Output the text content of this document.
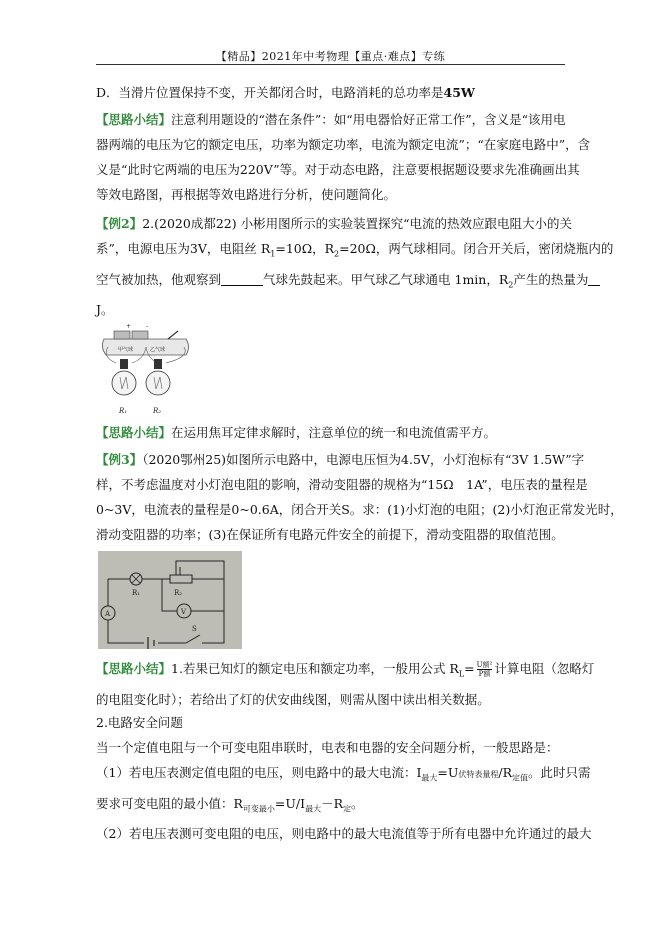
【精品】2021年中考物理【重点·难点】专练
D．当滑片位置保持不变，开关都闭合时，电路消耗的总功率是45W
【思路小结】注意利用题设的“潜在条件”：如“用电器恰好正常工作”，含义是“该用电
器两端的电压为它的额定电压，功率为额定功率，电流为额定电流”；“在家庭电路中”，含
义是“此时它两端的电压为220V”等。对于动态电路，注意要根据题设要求先准确画出其
等效电路图，再根据等效电路进行分析，使问题简化。
【例2】2.(2020成都22) 小彬用图所示的实验装置探究“电流的热效应跟电阻大小的关
系”，电源电压为3V，电阻丝 $R_1=10\Omega$，$R_2=20\Omega$，两气球相同。闭合开关后，密闭烧瓶内的
空气被加热，他观察到	气球先鼓起来。甲气球乙气球通电 1min，$R_2$产生的热量为
J。
+ -
甲气球	乙气球
R₁	R₂
【思路小结】在运用焦耳定律求解时，注意单位的统一和电流值需平方。
【例3】（2020鄂州25)如图所示电路中，电源电压恒为4.5V，小灯泡标有“3V 1.5W”字
样，不考虑温度对小灯泡电阻的影响，滑动变阻器的规格为“15Ω　1A”，电压表的量程是
0~3V，电流表的量程是0~0.6A，闭合开关S。求：(1)小灯泡的电阻；(2)小灯泡正常发光时，
滑动变阻器的功率；(3)在保证所有电路元件安全的前提下，滑动变阻器的取值范围。
R₁	R₂
A	V
S
【思路小结】1.若果已知灯的额定电压和额定功率，一般用公式 $R_L= U$额²
P额 计算电阻（忽略灯
的电阻变化时）；若给出了灯的伏安曲线图，则需从图中读出相关数据。
2.电路安全问题
当一个定值电阻与一个可变电阻串联时，电表和电器的安全问题分析，一般思路是：
（1）若电压表测定值电阻的电压，则电路中的最大电流：$I_{最大}=U$伏特表量程$/R_{定值}$。此时只需
要求可变电阻的最小值：$R_{可变最小}=U/I_{最大}-R_定$。
（2）若电压表测可变电阻的电压，则电路中的最大电流值等于所有电器中允许通过的最大
